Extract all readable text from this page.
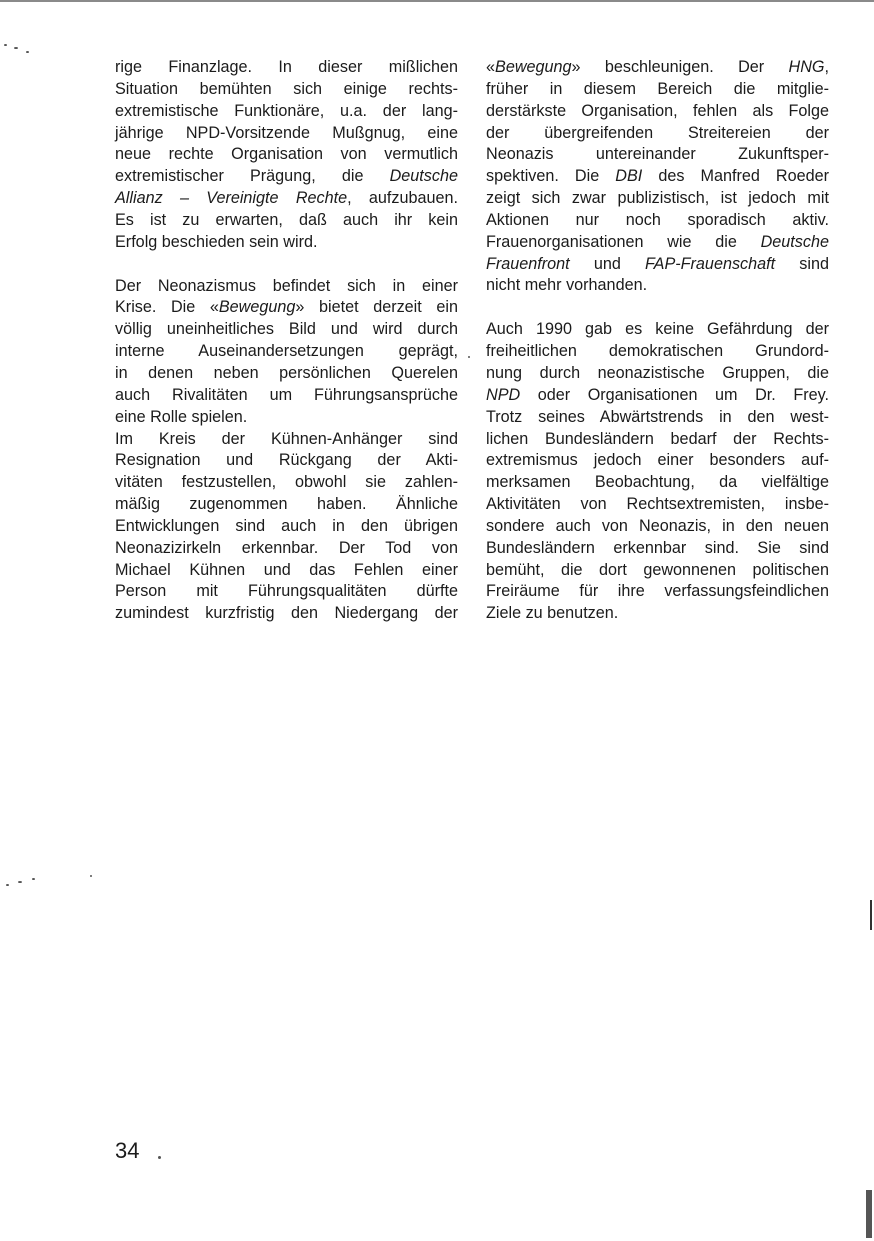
rige Finanzlage. In dieser mißlichen
Situation bemühten sich einige rechts-
extremistische Funktionäre, u.a. der lang-
jährige NPD-Vorsitzende Mußgnug, eine
neue rechte Organisation von vermutlich
extremistischer Prägung, die Deutsche
Allianz – Vereinigte Rechte, aufzubauen.
Es ist zu erwarten, daß auch ihr kein
Erfolg beschieden sein wird.

Der Neonazismus befindet sich in einer
Krise. Die «Bewegung» bietet derzeit ein
völlig uneinheitliches Bild und wird durch
interne Auseinandersetzungen geprägt,
in denen neben persönlichen Querelen
auch Rivalitäten um Führungsansprüche
eine Rolle spielen.

Im Kreis der Kühnen-Anhänger sind
Resignation und Rückgang der Akti-
vitäten festzustellen, obwohl sie zahlen-
mäßig zugenommen haben. Ähnliche
Entwicklungen sind auch in den übrigen
Neonazizirkeln erkennbar. Der Tod von
Michael Kühnen und das Fehlen einer
Person mit Führungsqualitäten dürfte
zumindest kurzfristig den Niedergang der

«Bewegung» beschleunigen. Der HNG,
früher in diesem Bereich die mitglie-
derstärkste Organisation, fehlen als Folge
der übergreifenden Streitereien der
Neonazis untereinander Zukunftsper-
spektiven. Die DBI des Manfred Roeder
zeigt sich zwar publizistisch, ist jedoch mit
Aktionen nur noch sporadisch aktiv.
Frauenorganisationen wie die Deutsche
Frauenfront und FAP-Frauenschaft sind
nicht mehr vorhanden.

Auch 1990 gab es keine Gefährdung der
freiheitlichen demokratischen Grundord-
nung durch neonazistische Gruppen, die
NPD oder Organisationen um Dr. Frey.
Trotz seines Abwärtstrends in den west-
lichen Bundesländern bedarf der Rechts-
extremismus jedoch einer besonders auf-
merksamen Beobachtung, da vielfältige
Aktivitäten von Rechtsextremisten, insbe-
sondere auch von Neonazis, in den neuen
Bundesländern erkennbar sind. Sie sind
bemüht, die dort gewonnenen politischen
Freiräume für ihre verfassungsfeindlichen
Ziele zu benutzen.

34
